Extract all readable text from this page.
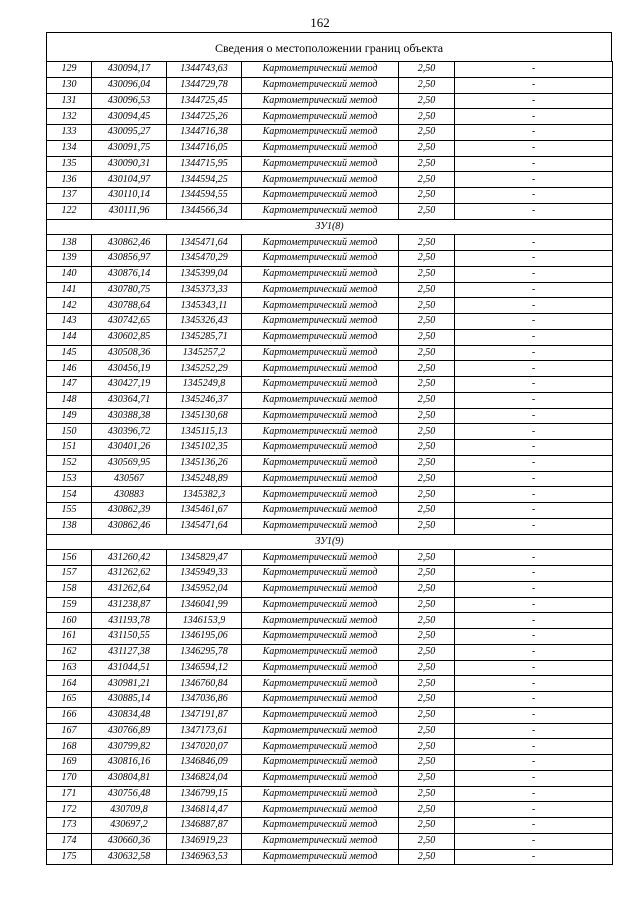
162
Сведения о местоположении границ объекта
129	430094,17	1344743,63	Картометрический метод	2,50	-
130	430096,04	1344729,78	Картометрический метод	2,50	-
131	430096,53	1344725,45	Картометрический метод	2,50	-
132	430094,45	1344725,26	Картометрический метод	2,50	-
133	430095,27	1344716,38	Картометрический метод	2,50	-
134	430091,75	1344716,05	Картометрический метод	2,50	-
135	430090,31	1344715,95	Картометрический метод	2,50	-
136	430104,97	1344594,25	Картометрический метод	2,50	-
137	430110,14	1344594,55	Картометрический метод	2,50	-
122	430111,96	1344566,34	Картометрический метод	2,50	-
ЗУ1(8)					
138	430862,46	1345471,64	Картометрический метод	2,50	-
139	430856,97	1345470,29	Картометрический метод	2,50	-
140	430876,14	1345399,04	Картометрический метод	2,50	-
141	430780,75	1345373,33	Картометрический метод	2,50	-
142	430788,64	1345343,11	Картометрический метод	2,50	-
143	430742,65	1345326,43	Картометрический метод	2,50	-
144	430602,85	1345285,71	Картометрический метод	2,50	-
145	430508,36	1345257,2	Картометрический метод	2,50	-
146	430456,19	1345252,29	Картометрический метод	2,50	-
147	430427,19	1345249,8	Картометрический метод	2,50	-
148	430364,71	1345246,37	Картометрический метод	2,50	-
149	430388,38	1345130,68	Картометрический метод	2,50	-
150	430396,72	1345115,13	Картометрический метод	2,50	-
151	430401,26	1345102,35	Картометрический метод	2,50	-
152	430569,95	1345136,26	Картометрический метод	2,50	-
153	430567	1345248,89	Картометрический метод	2,50	-
154	430883	1345382,3	Картометрический метод	2,50	-
155	430862,39	1345461,67	Картометрический метод	2,50	-
138	430862,46	1345471,64	Картометрический метод	2,50	-
ЗУ1(9)					
156	431260,42	1345829,47	Картометрический метод	2,50	-
157	431262,62	1345949,33	Картометрический метод	2,50	-
158	431262,64	1345952,04	Картометрический метод	2,50	-
159	431238,87	1346041,99	Картометрический метод	2,50	-
160	431193,78	1346153,9	Картометрический метод	2,50	-
161	431150,55	1346195,06	Картометрический метод	2,50	-
162	431127,38	1346295,78	Картометрический метод	2,50	-
163	431044,51	1346594,12	Картометрический метод	2,50	-
164	430981,21	1346760,84	Картометрический метод	2,50	-
165	430885,14	1347036,86	Картометрический метод	2,50	-
166	430834,48	1347191,87	Картометрический метод	2,50	-
167	430766,89	1347173,61	Картометрический метод	2,50	-
168	430799,82	1347020,07	Картометрический метод	2,50	-
169	430816,16	1346846,09	Картометрический метод	2,50	-
170	430804,81	1346824,04	Картометрический метод	2,50	-
171	430756,48	1346799,15	Картометрический метод	2,50	-
172	430709,8	1346814,47	Картометрический метод	2,50	-
173	430697,2	1346887,87	Картометрический метод	2,50	-
174	430660,36	1346919,23	Картометрический метод	2,50	-
175	430632,58	1346963,53	Картометрический метод	2,50	-
